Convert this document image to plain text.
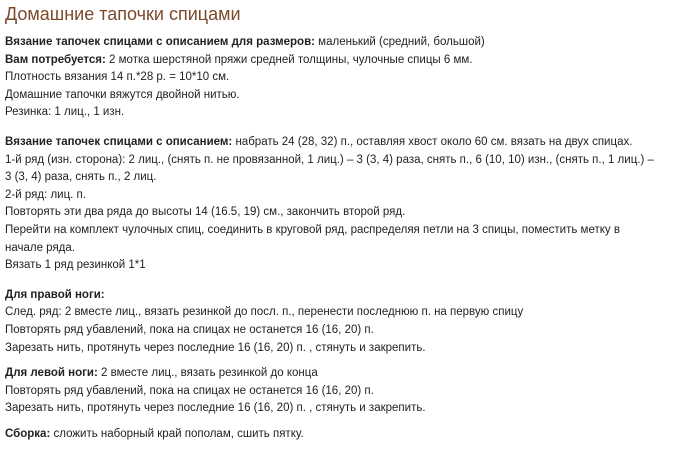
Домашние тапочки спицами

Вязание тапочек спицами с описанием для размеров: маленький (средний, большой)

Вам потребуется: 2 мотка шерстяной пряжи средней толщины, чулочные спицы 6 мм.

Плотность вязания 14 п.*28 р. = 10*10 см.

Домашние тапочки вяжутся двойной нитью.

Резинка: 1 лиц., 1 изн.

Вязание тапочек спицами с описанием: набрать 24 (28, 32) п., оставляя хвост около 60 см. вязать на двух спицах.

1-й ряд (изн. сторона): 2 лиц., (снять п. не провязанной, 1 лиц.) – 3 (3, 4) раза, снять п., 6 (10, 10) изн., (снять п., 1 лиц.) –

3 (3, 4) раза, снять п., 2 лиц.

2-й ряд: лиц. п.

Повторять эти два ряда до высоты 14 (16.5, 19) см., закончить второй ряд.

Перейти на комплект чулочных спиц, соединить в круговой ряд, распределяя петли на 3 спицы, поместить метку в начале ряда.

Вязать 1 ряд резинкой 1*1

Для правой ноги:

След. ряд: 2 вместе лиц., вязать резинкой до посл. п., перенести последнюю п. на первую спицу

Повторять ряд убавлений, пока на спицах не останется 16 (16, 20) п.

Зарезать нить, протянуть через последние 16 (16, 20) п. , стянуть и закрепить.

Для левой ноги: 2 вместе лиц., вязать резинкой до конца

Повторять ряд убавлений, пока на спицах не останется 16 (16, 20) п.

Зарезать нить, протянуть через последние 16 (16, 20) п. , стянуть и закрепить.

Сборка: сложить наборный край пополам, сшить пятку.
